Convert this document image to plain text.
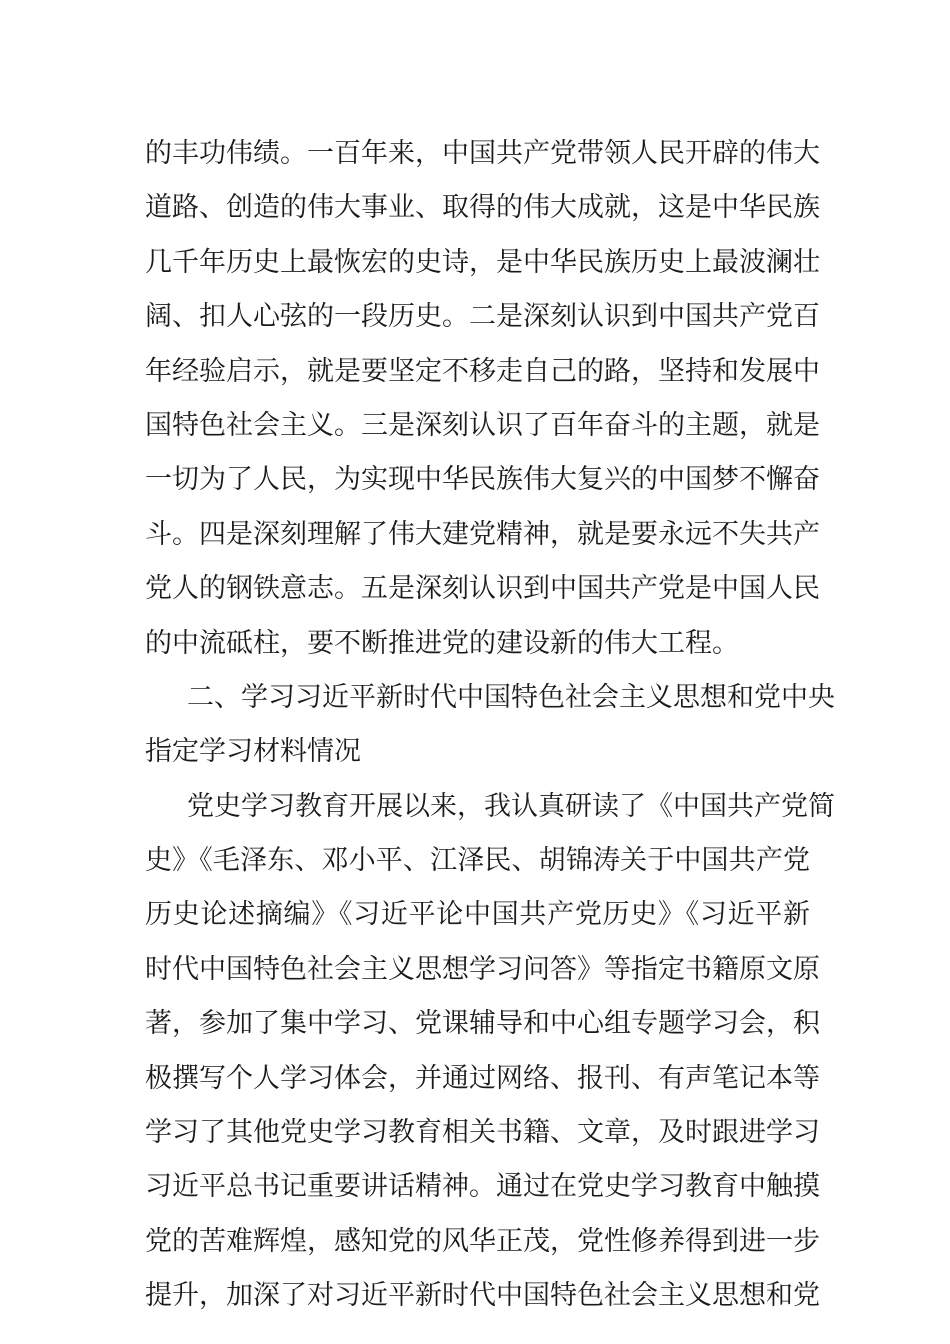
的丰功伟绩。一百年来，中国共产党带领人民开辟的伟大
道路、创造的伟大事业、取得的伟大成就，这是中华民族
几千年历史上最恢宏的史诗，是中华民族历史上最波澜壮
阔、扣人心弦的一段历史。二是深刻认识到中国共产党百
年经验启示，就是要坚定不移走自己的路，坚持和发展中
国特色社会主义。三是深刻认识了百年奋斗的主题，就是
一切为了人民，为实现中华民族伟大复兴的中国梦不懈奋
斗。四是深刻理解了伟大建党精神，就是要永远不失共产
党人的钢铁意志。五是深刻认识到中国共产党是中国人民
的中流砥柱，要不断推进党的建设新的伟大工程。
二、学习习近平新时代中国特色社会主义思想和党中央
指定学习材料情况
党史学习教育开展以来，我认真研读了《中国共产党简
史》《毛泽东、邓小平、江泽民、胡锦涛关于中国共产党
历史论述摘编》《习近平论中国共产党历史》《习近平新
时代中国特色社会主义思想学习问答》等指定书籍原文原
著，参加了集中学习、党课辅导和中心组专题学习会，积
极撰写个人学习体会，并通过网络、报刊、有声笔记本等
学习了其他党史学习教育相关书籍、文章，及时跟进学习
习近平总书记重要讲话精神。通过在党史学习教育中触摸
党的苦难辉煌，感知党的风华正茂，党性修养得到进一步
提升，加深了对习近平新时代中国特色社会主义思想和党
